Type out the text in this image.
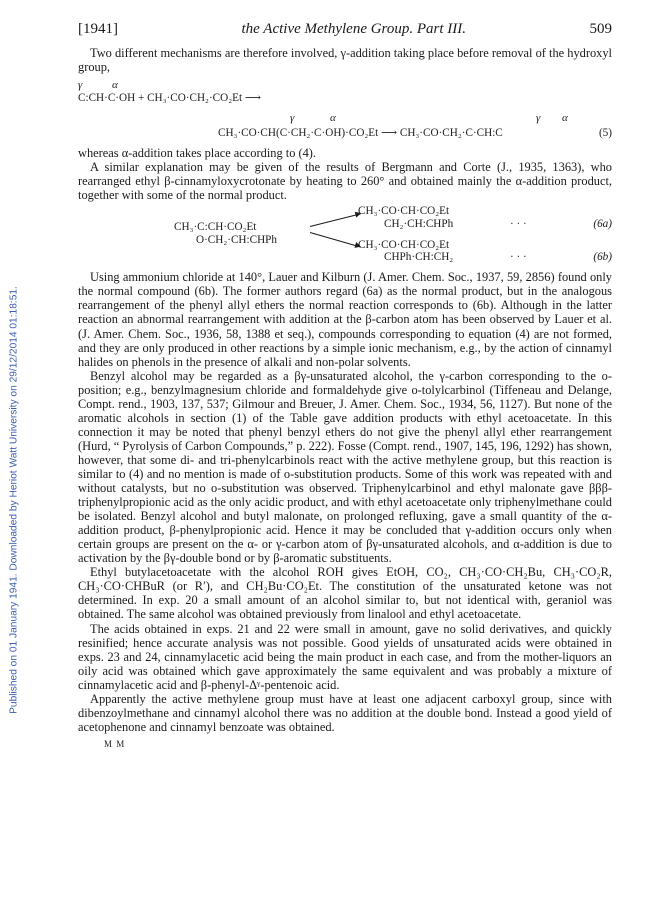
Published on 01 January 1941. Downloaded by Heriot Watt University on 29/12/2014 01:18:51.
[1941]	the Active Methylene Group. Part III.	509

Two different mechanisms are therefore involved, γ-addition taking place before removal of the hydroxyl group,

γ	α
C:CH·C·OH + CH₃·CO·CH₂·CO₂Et ⟶
γ	α	γ α
CH₃·CO·CH(C·CH₂·C·OH)·CO₂Et ⟶ CH₃·CO·CH₂·C·CH:C	(5)

whereas α-addition takes place according to (4).

A similar explanation may be given of the results of Bergmann and Corte (J., 1935, 1363), who rearranged ethyl β-cinnamyloxycrotonate by heating to 260° and obtained mainly the α-addition product, together with some of the normal product.

CH₃·C:CH·CO₂Et
O·CH₂·CH:CHPh
CH₃·CO·CH·CO₂Et
CH₂·CH:CHPh	· · ·	(6a)
CH₃·CO·CH·CO₂Et
CHPh·CH:CH₂	· · ·	(6b)

Using ammonium chloride at 140°, Lauer and Kilburn (J. Amer. Chem. Soc., 1937, 59, 2856) found only the normal compound (6b). The former authors regard (6a) as the normal product, but in the analogous rearrangement of the phenyl allyl ethers the normal reaction corresponds to (6b). Although in the latter reaction an abnormal rearrangement with addition at the β-carbon atom has been observed by Lauer et al. (J. Amer. Chem. Soc., 1936, 58, 1388 et seq.), compounds corresponding to equation (4) are not formed, and they are only produced in other reactions by a simple ionic mechanism, e.g., by the action of cinnamyl halides on phenols in the presence of alkali and non-polar solvents.

Benzyl alcohol may be regarded as a βγ-unsaturated alcohol, the γ-carbon corresponding to the o-position; e.g., benzylmagnesium chloride and formaldehyde give o-tolylcarbinol (Tiffeneau and Delange, Compt. rend., 1903, 137, 537; Gilmour and Breuer, J. Amer. Chem. Soc., 1934, 56, 1127). But none of the aromatic alcohols in section (1) of the Table gave addition products with ethyl acetoacetate. In this connection it may be noted that phenyl benzyl ethers do not give the phenyl allyl ether rearrangement (Hurd, “ Pyrolysis of Carbon Compounds,” p. 222). Fosse (Compt. rend., 1907, 145, 196, 1292) has shown, however, that some di- and tri-phenylcarbinols react with the active methylene group, but this reaction is similar to (4) and no mention is made of o-substitution products. Some of this work was repeated with and without catalysts, but no o-substitution was observed. Triphenylcarbinol and ethyl malonate gave βββ-triphenylpropionic acid as the only acidic product, and with ethyl acetoacetate only triphenylmethane could be isolated. Benzyl alcohol and butyl malonate, on prolonged refluxing, gave a small quantity of the α-addition product, β-phenylpropionic acid. Hence it may be concluded that γ-addition occurs only when certain groups are present on the α- or γ-carbon atom of βγ-unsaturated alcohols, and α-addition is due to activation by the βγ-double bond or by β-aromatic substituents.

Ethyl butylacetoacetate with the alcohol ROH gives EtOH, CO₂, CH₃·CO·CH₂Bu, CH₃·CO₂R, CH₃·CO·CHBuR (or R′), and CH₂Bu·CO₂Et. The constitution of the unsaturated ketone was not determined. In exp. 20 a small amount of an alcohol similar to, but not identical with, geraniol was obtained. The same alcohol was obtained previously from linalool and ethyl acetoacetate.

The acids obtained in exps. 21 and 22 were small in amount, gave no solid derivatives, and quickly resinified; hence accurate analysis was not possible. Good yields of unsaturated acids were obtained in exps. 23 and 24, cinnamylacetic acid being the main product in each case, and from the mother-liquors an oily acid was obtained which gave approximately the same equivalent and was probably a mixture of cinnamylacetic acid and β-phenyl-Δᵞ-pentenoic acid.

Apparently the active methylene group must have at least one adjacent carboxyl group, since with dibenzoylmethane and cinnamyl alcohol there was no addition at the double bond. Instead a good yield of acetophenone and cinnamyl benzoate was obtained.

M M
